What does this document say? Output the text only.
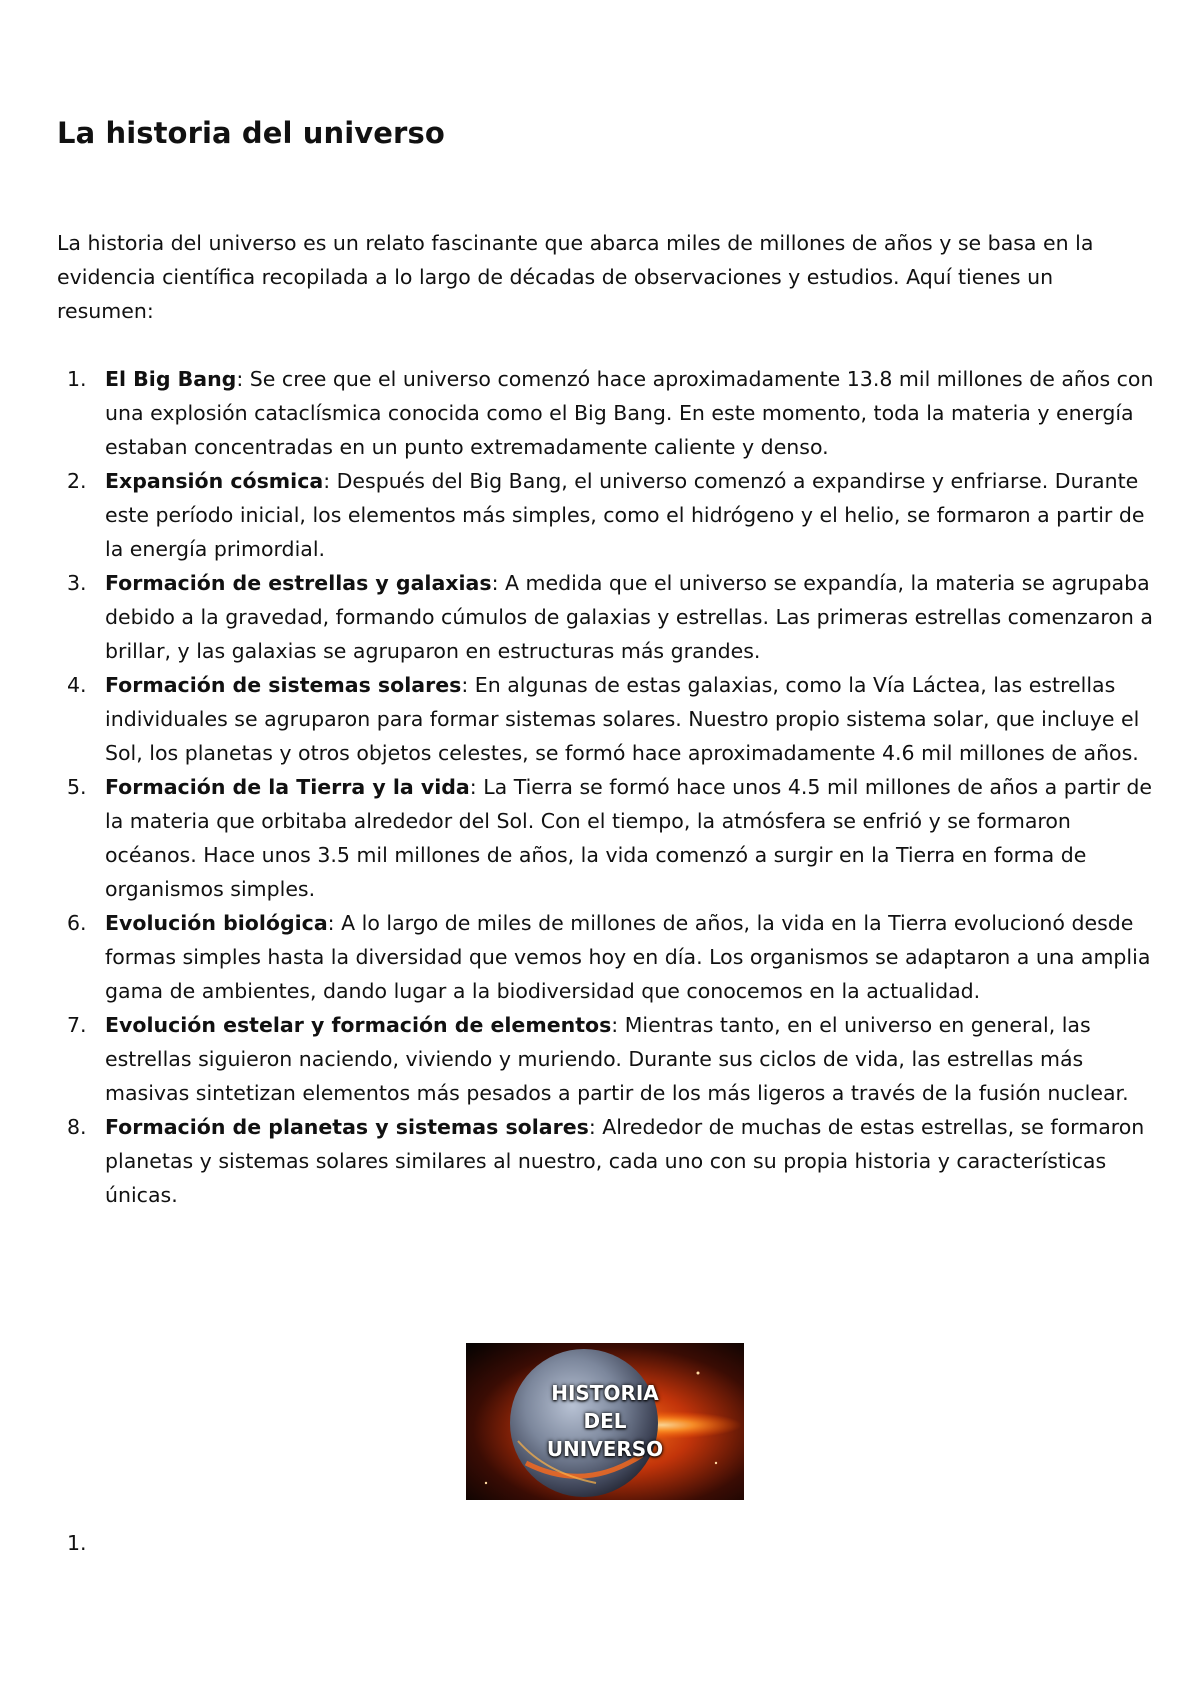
La historia del universo

La historia del universo es un relato fascinante que abarca miles de millones de años y se basa en la evidencia científica recopilada a lo largo de décadas de observaciones y estudios. Aquí tienes un resumen:

1. El Big Bang: Se cree que el universo comenzó hace aproximadamente 13.8 mil millones de años con una explosión cataclísmica conocida como el Big Bang. En este momento, toda la materia y energía estaban concentradas en un punto extremadamente caliente y denso.
2. Expansión cósmica: Después del Big Bang, el universo comenzó a expandirse y enfriarse. Durante este período inicial, los elementos más simples, como el hidrógeno y el helio, se formaron a partir de la energía primordial.
3. Formación de estrellas y galaxias: A medida que el universo se expandía, la materia se agrupaba debido a la gravedad, formando cúmulos de galaxias y estrellas. Las primeras estrellas comenzaron a brillar, y las galaxias se agruparon en estructuras más grandes.
4. Formación de sistemas solares: En algunas de estas galaxias, como la Vía Láctea, las estrellas individuales se agruparon para formar sistemas solares. Nuestro propio sistema solar, que incluye el Sol, los planetas y otros objetos celestes, se formó hace aproximadamente 4.6 mil millones de años.
5. Formación de la Tierra y la vida: La Tierra se formó hace unos 4.5 mil millones de años a partir de la materia que orbitaba alrededor del Sol. Con el tiempo, la atmósfera se enfrió y se formaron océanos. Hace unos 3.5 mil millones de años, la vida comenzó a surgir en la Tierra en forma de organismos simples.
6. Evolución biológica: A lo largo de miles de millones de años, la vida en la Tierra evolucionó desde formas simples hasta la diversidad que vemos hoy en día. Los organismos se adaptaron a una amplia gama de ambientes, dando lugar a la biodiversidad que conocemos en la actualidad.
7. Evolución estelar y formación de elementos: Mientras tanto, en el universo en general, las estrellas siguieron naciendo, viviendo y muriendo. Durante sus ciclos de vida, las estrellas más masivas sintetizan elementos más pesados a partir de los más ligeros a través de la fusión nuclear.
8. Formación de planetas y sistemas solares: Alrededor de muchas de estas estrellas, se formaron planetas y sistemas solares similares al nuestro, cada uno con su propia historia y características únicas.
HISTORIA
DEL
UNIVERSO

1.
